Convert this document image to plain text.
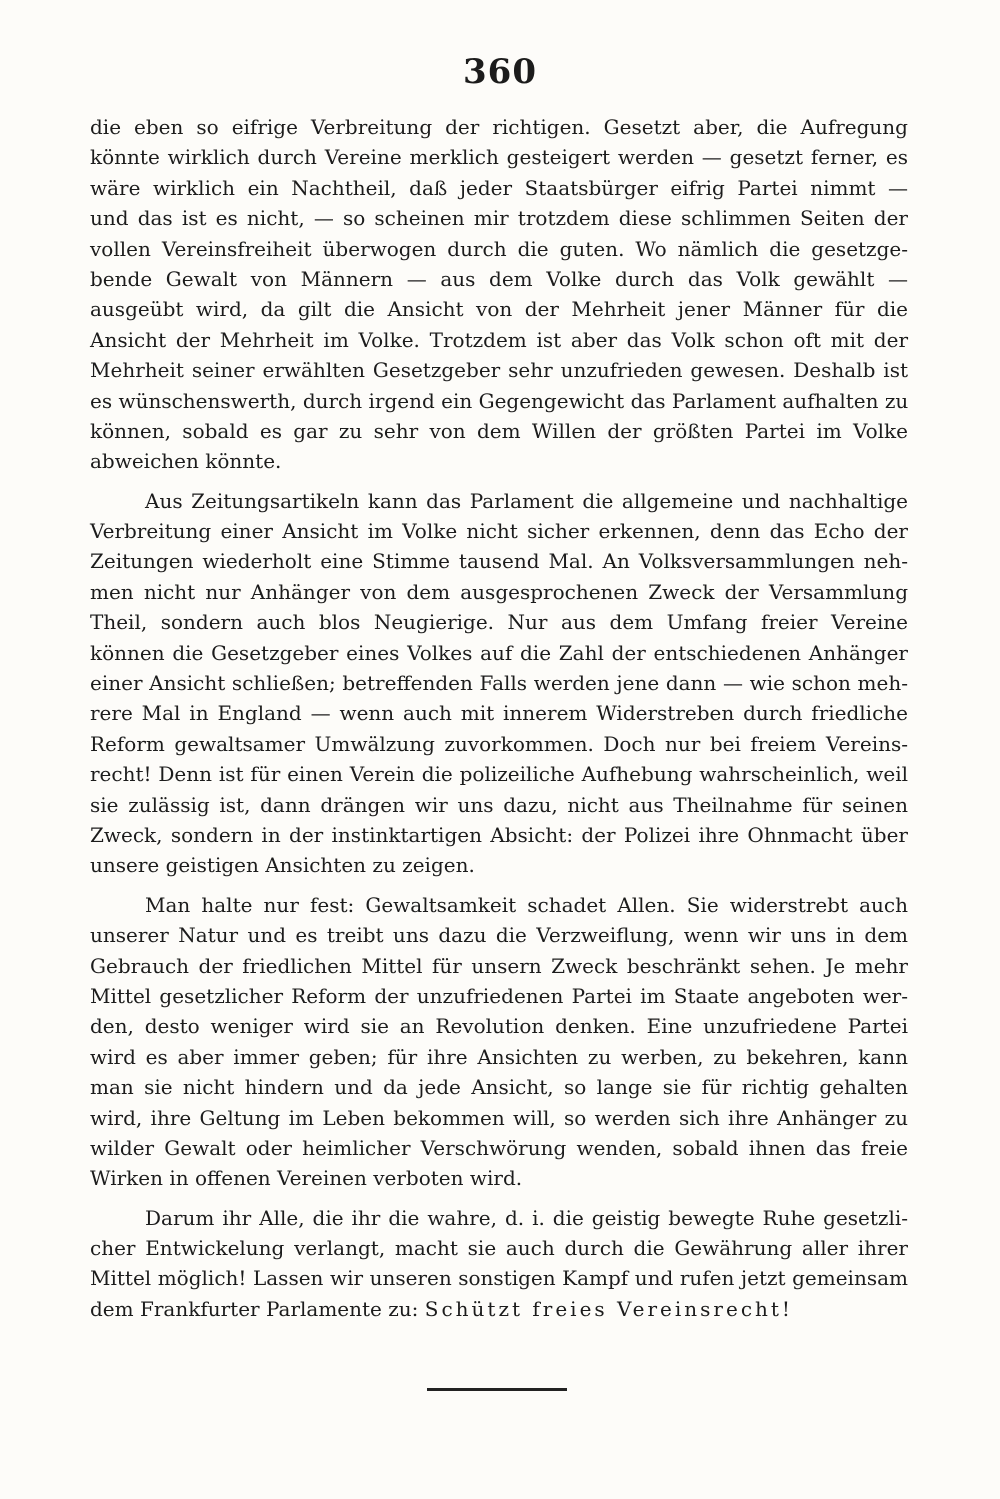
360
die eben so eifrige Verbreitung der richtigen. Gesetzt aber, die Aufregung
könnte wirklich durch Vereine merklich gesteigert werden — gesetzt ferner, es
wäre wirklich ein Nachtheil, daß jeder Staatsbürger eifrig Partei nimmt —
und das ist es nicht, — so scheinen mir trotzdem diese schlimmen Seiten der
vollen Vereinsfreiheit überwogen durch die guten. Wo nämlich die gesetzge-
bende Gewalt von Männern — aus dem Volke durch das Volk gewählt —
ausgeübt wird, da gilt die Ansicht von der Mehrheit jener Männer für die
Ansicht der Mehrheit im Volke. Trotzdem ist aber das Volk schon oft mit der
Mehrheit seiner erwählten Gesetzgeber sehr unzufrieden gewesen. Deshalb ist
es wünschenswerth, durch irgend ein Gegengewicht das Parlament aufhalten zu
können, sobald es gar zu sehr von dem Willen der größten Partei im Volke
abweichen könnte.
Aus Zeitungsartikeln kann das Parlament die allgemeine und nachhaltige
Verbreitung einer Ansicht im Volke nicht sicher erkennen, denn das Echo der
Zeitungen wiederholt eine Stimme tausend Mal. An Volksversammlungen neh-
men nicht nur Anhänger von dem ausgesprochenen Zweck der Versammlung
Theil, sondern auch blos Neugierige. Nur aus dem Umfang freier Vereine
können die Gesetzgeber eines Volkes auf die Zahl der entschiedenen Anhänger
einer Ansicht schließen; betreffenden Falls werden jene dann — wie schon meh-
rere Mal in England — wenn auch mit innerem Widerstreben durch friedliche
Reform gewaltsamer Umwälzung zuvorkommen. Doch nur bei freiem Vereins-
recht! Denn ist für einen Verein die polizeiliche Aufhebung wahrscheinlich, weil
sie zulässig ist, dann drängen wir uns dazu, nicht aus Theilnahme für seinen
Zweck, sondern in der instinktartigen Absicht: der Polizei ihre Ohnmacht über
unsere geistigen Ansichten zu zeigen.
Man halte nur fest: Gewaltsamkeit schadet Allen. Sie widerstrebt auch
unserer Natur und es treibt uns dazu die Verzweiflung, wenn wir uns in dem
Gebrauch der friedlichen Mittel für unsern Zweck beschränkt sehen. Je mehr
Mittel gesetzlicher Reform der unzufriedenen Partei im Staate angeboten wer-
den, desto weniger wird sie an Revolution denken. Eine unzufriedene Partei
wird es aber immer geben; für ihre Ansichten zu werben, zu bekehren, kann
man sie nicht hindern und da jede Ansicht, so lange sie für richtig gehalten
wird, ihre Geltung im Leben bekommen will, so werden sich ihre Anhänger zu
wilder Gewalt oder heimlicher Verschwörung wenden, sobald ihnen das freie
Wirken in offenen Vereinen verboten wird.
Darum ihr Alle, die ihr die wahre, d. i. die geistig bewegte Ruhe gesetzli-
cher Entwickelung verlangt, macht sie auch durch die Gewährung aller ihrer
Mittel möglich! Lassen wir unseren sonstigen Kampf und rufen jetzt gemeinsam
dem Frankfurter Parlamente zu: Schützt freies Vereinsrecht!
